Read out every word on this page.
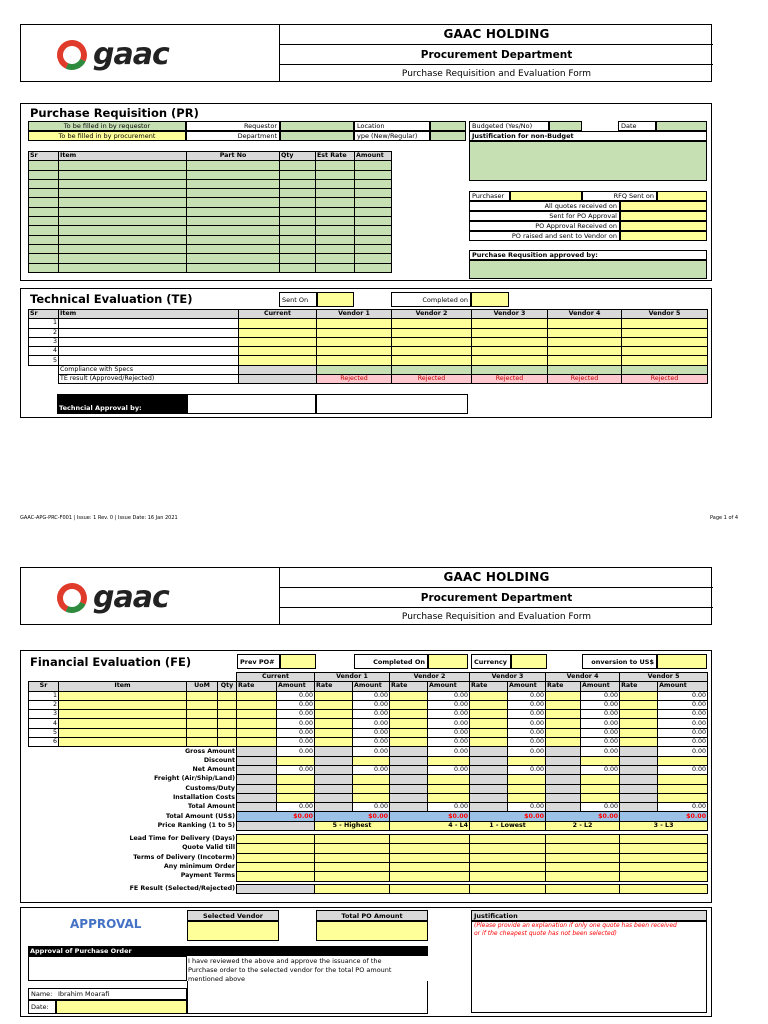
gaac
GAAC HOLDING
Procurement Department
Purchase Requisition and Evaluation Form
Purchase Requisition (PR)
To be filled in by requestor
To be filled in by procurement
Requestor
Department
Location
ype (New/Regular)
Budgeted (Yes/No)	Date
Justification for non-Budget
Sr	Item	Part No	Qty	Est Rate	Amount

Purchaser	RFQ Sent on
All quotes received on
Sent for PO Approval
PO Approval Received on
PO raised and sent to Vendor on
Purchase Requsition approved by:
Technical Evaluation (TE)	Sent On	Completed on
Sr	Item	Current	Vendor 1	Vendor 2	Vendor 3	Vendor 4	Vendor 5
1							
2							
3							
4							
5							
	Compliance with Specs						
	TE result (Approved/Rejected)		Rejected	Rejected	Rejected	Rejected	Rejected
Techncial Approval by:
GAAC-APG-PRC-F001 | Issue: 1 Rev. 0 | Issue Date: 16 Jan 2021	Page 1 of 4
gaac
GAAC HOLDING
Procurement Department
Purchase Requisition and Evaluation Form
Financial Evaluation (FE)	Prev PO#	Completed On	Currency	onversion to US$
				Current		Vendor 1		Vendor 2		Vendor 3		Vendor 4		Vendor 5	
Sr	Item	UoM	Qty	Rate	Amount	Rate	Amount	Rate	Amount	Rate	Amount	Rate	Amount	Rate	Amount
1					0.00		0.00		0.00		0.00		0.00		0.00
2					0.00		0.00		0.00		0.00		0.00		0.00
3					0.00		0.00		0.00		0.00		0.00		0.00
4					0.00		0.00		0.00		0.00		0.00		0.00
5					0.00		0.00		0.00		0.00		0.00		0.00
6					0.00		0.00		0.00		0.00		0.00		0.00
Gross Amount					0.00		0.00		0.00		0.00		0.00		0.00
Discount															
Net Amount					0.00		0.00		0.00		0.00		0.00		0.00
Freight (Air/Ship/Land)															
Customs/Duty															
Installation Costs															
Total Amount					0.00		0.00		0.00		0.00		0.00		0.00
Total Amount (US$)				$0.00		$0.00		$0.00		$0.00		$0.00		$0.00	
Price Ranking (1 to 5)						5 - Highest		4 - L4		1 - Lowest		2 - L2		3 - L3	

Lead Time for Delivery (Days)															
Quote Valid till															
Terms of Delivery (Incoterm)															
Any minimum Order															
Payment Terms															

FE Result (Selected/Rejected)															
APPROVAL
Selected Vendor	Total PO Amount	Justification
(Please provide an explanation if only one quote has been received
or if the cheapest quote has not been selected)
Approval of Purchase Order
I have reviewed the above and approve the issuance of the
Purchase order to the selected vendor for the total PO amount
mentioned above
Name: Ibrahim Moarafi
Date:
